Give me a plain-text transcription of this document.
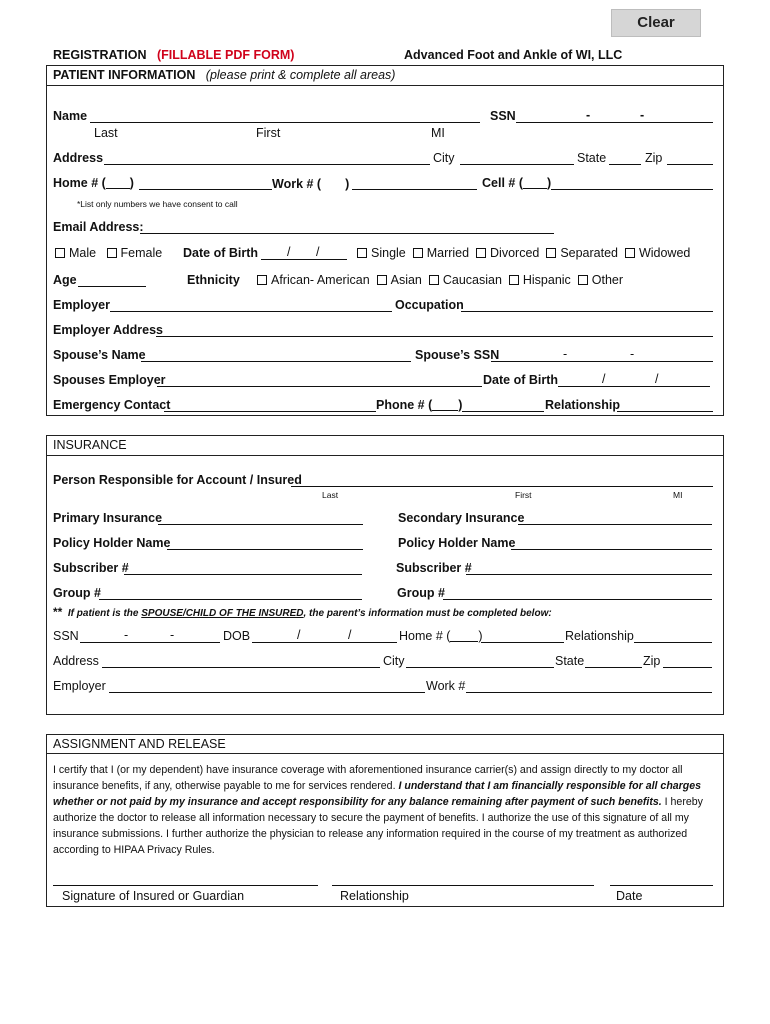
Clear
REGISTRATION (FILLABLE PDF FORM)	Advanced Foot and Ankle of WI, LLC
PATIENT INFORMATION (please print & complete all areas)
Name	SSN	-	-
Last	First	MI
Address	City	State	Zip
Home # ( )	Work # ( )	Cell # ( )
*List only numbers we have consent to call
Email Address:
Male Female Date of Birth / /	Single Married Divorced Separated Widowed
Age	Ethnicity	African- American Asian Caucasian Hispanic Other
Employer	Occupation
Employer Address
Spouse’s Name	Spouse’s SSN	-	-
Spouses Employer	Date of Birth	/	/
Emergency Contact	Phone # ( )	Relationship
INSURANCE
Person Responsible for Account / Insured
Last	First	MI
Primary Insurance	Secondary Insurance
Policy Holder Name	Policy Holder Name
Subscriber #	Subscriber #
Group #	Group #
** If patient is the SPOUSE/CHILD OF THE INSURED, the parent’s information must be completed below:
SSN	-	-	DOB	/	/	Home # ( )	Relationship
Address	City	State	Zip
Employer	Work #
ASSIGNMENT AND RELEASE
I certify that I (or my dependent) have insurance coverage with aforementioned insurance carrier(s) and assign directly to my doctor all insurance benefits, if any, otherwise payable to me for services rendered. I understand that I am financially responsible for all charges whether or not paid by my insurance and accept responsibility for any balance remaining after payment of such benefits. I hereby authorize the doctor to release all information necessary to secure the payment of benefits. I authorize the use of this signature of all my insurance submissions. I further authorize the physician to release any information required in the course of my treatment as authorized according to HIPAA Privacy Rules.
Signature of Insured or Guardian	Relationship	Date
